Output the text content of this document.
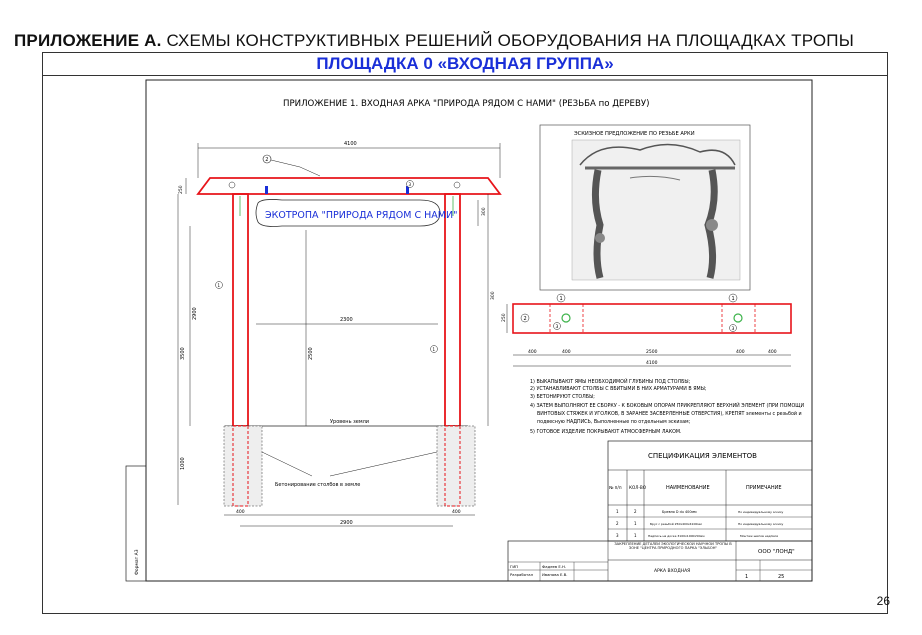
ПРИЛОЖЕНИЕ А. СХЕМЫ КОНСТРУКТИВНЫХ РЕШЕНИЙ ОБОРУДОВАНИЯ НА ПЛОЩАДКАХ ТРОПЫ
ПЛОЩАДКА 0 «ВХОДНАЯ ГРУППА»
Формат А3
ПРИЛОЖЕНИЕ 1. ВХОДНАЯ АРКА "ПРИРОДА РЯДОМ С НАМИ" (РЕЗЬБА по ДЕРЕВУ)
4100
2
250
3
ЭКОТРОПА "ПРИРОДА РЯДОМ С НАМИ"	300
300
2300
2500
2900
3500
1000
1
1
Уровень земли
Бетонирование столбов в земле
400	400
2900
ЭСКИЗНОЕ ПРЕДЛОЖЕНИЕ ПО РЕЗЬБЕ АРКИ
1	1
2
3	3
250
400	400	2500	400	400
4100
1) ВЫКАПЫВАЮТ ЯМЫ НЕОБХОДИМОЙ ГЛУБИНЫ ПОД СТОЛБЫ;
2) УСТАНАВЛИВАЮТ СТОЛБЫ С ВБИТЫМИ В НИХ АРМАТУРАМИ В ЯМЫ;
3) БЕТОНИРУЮТ СТОЛБЫ;
4) ЗАТЕМ ВЫПОЛНЯЮТ ЕЕ СБОРКУ - К БОКОВЫМ ОПОРАМ ПРИКРЕПЛЯЮТ ВЕРХНИЙ ЭЛЕМЕНТ (ПРИ ПОМОЩИ
ВИНТОВЫХ СТЯЖЕК И УГОЛКОВ, В ЗАРАНЕЕ ЗАСВЕРЛЕННЫЕ ОТВЕРСТИЯ), КРЕПЯТ элементы с резьбой и
подвесную НАДПИСЬ, Выполненные по отдельным эскизам;
5) ГОТОВОЕ ИЗДЕЛИЕ ПОКРЫВАЮТ АТМОСФЕРНЫМ ЛАКОМ.
СПЕЦИФИКАЦИЯ ЭЛЕМЕНТОВ
№ п/п КОЛ-ВО	НАИМЕНОВАНИЕ	ПРИМЕЧАНИЕ
1	2	Бревно D du 400мм	По индивидуальному эскизу
2	1	Брус с резьбой 250х400х4100мм	По индивидуальному эскизу
3	1	Надпись на доске 3100х1000х50мм	Монтаж шипов надписи
ЗАКРЕПЛЕНИЕ ДЕТАЛЕЙ ЭКОЛОГИЧЕСКОЙ НАУЧНОЙ ТРОПЫ В ЗОНЕ "ЦЕНТРА ПРИРОДНОГО ПАРКА "ЭЛЬБОН"
ООО "ЛОНД"
АРКА ВХОДНАЯ
ГИП	Фадеев Е.Н.
Разработал Иванова Е.В.	1	25
26
